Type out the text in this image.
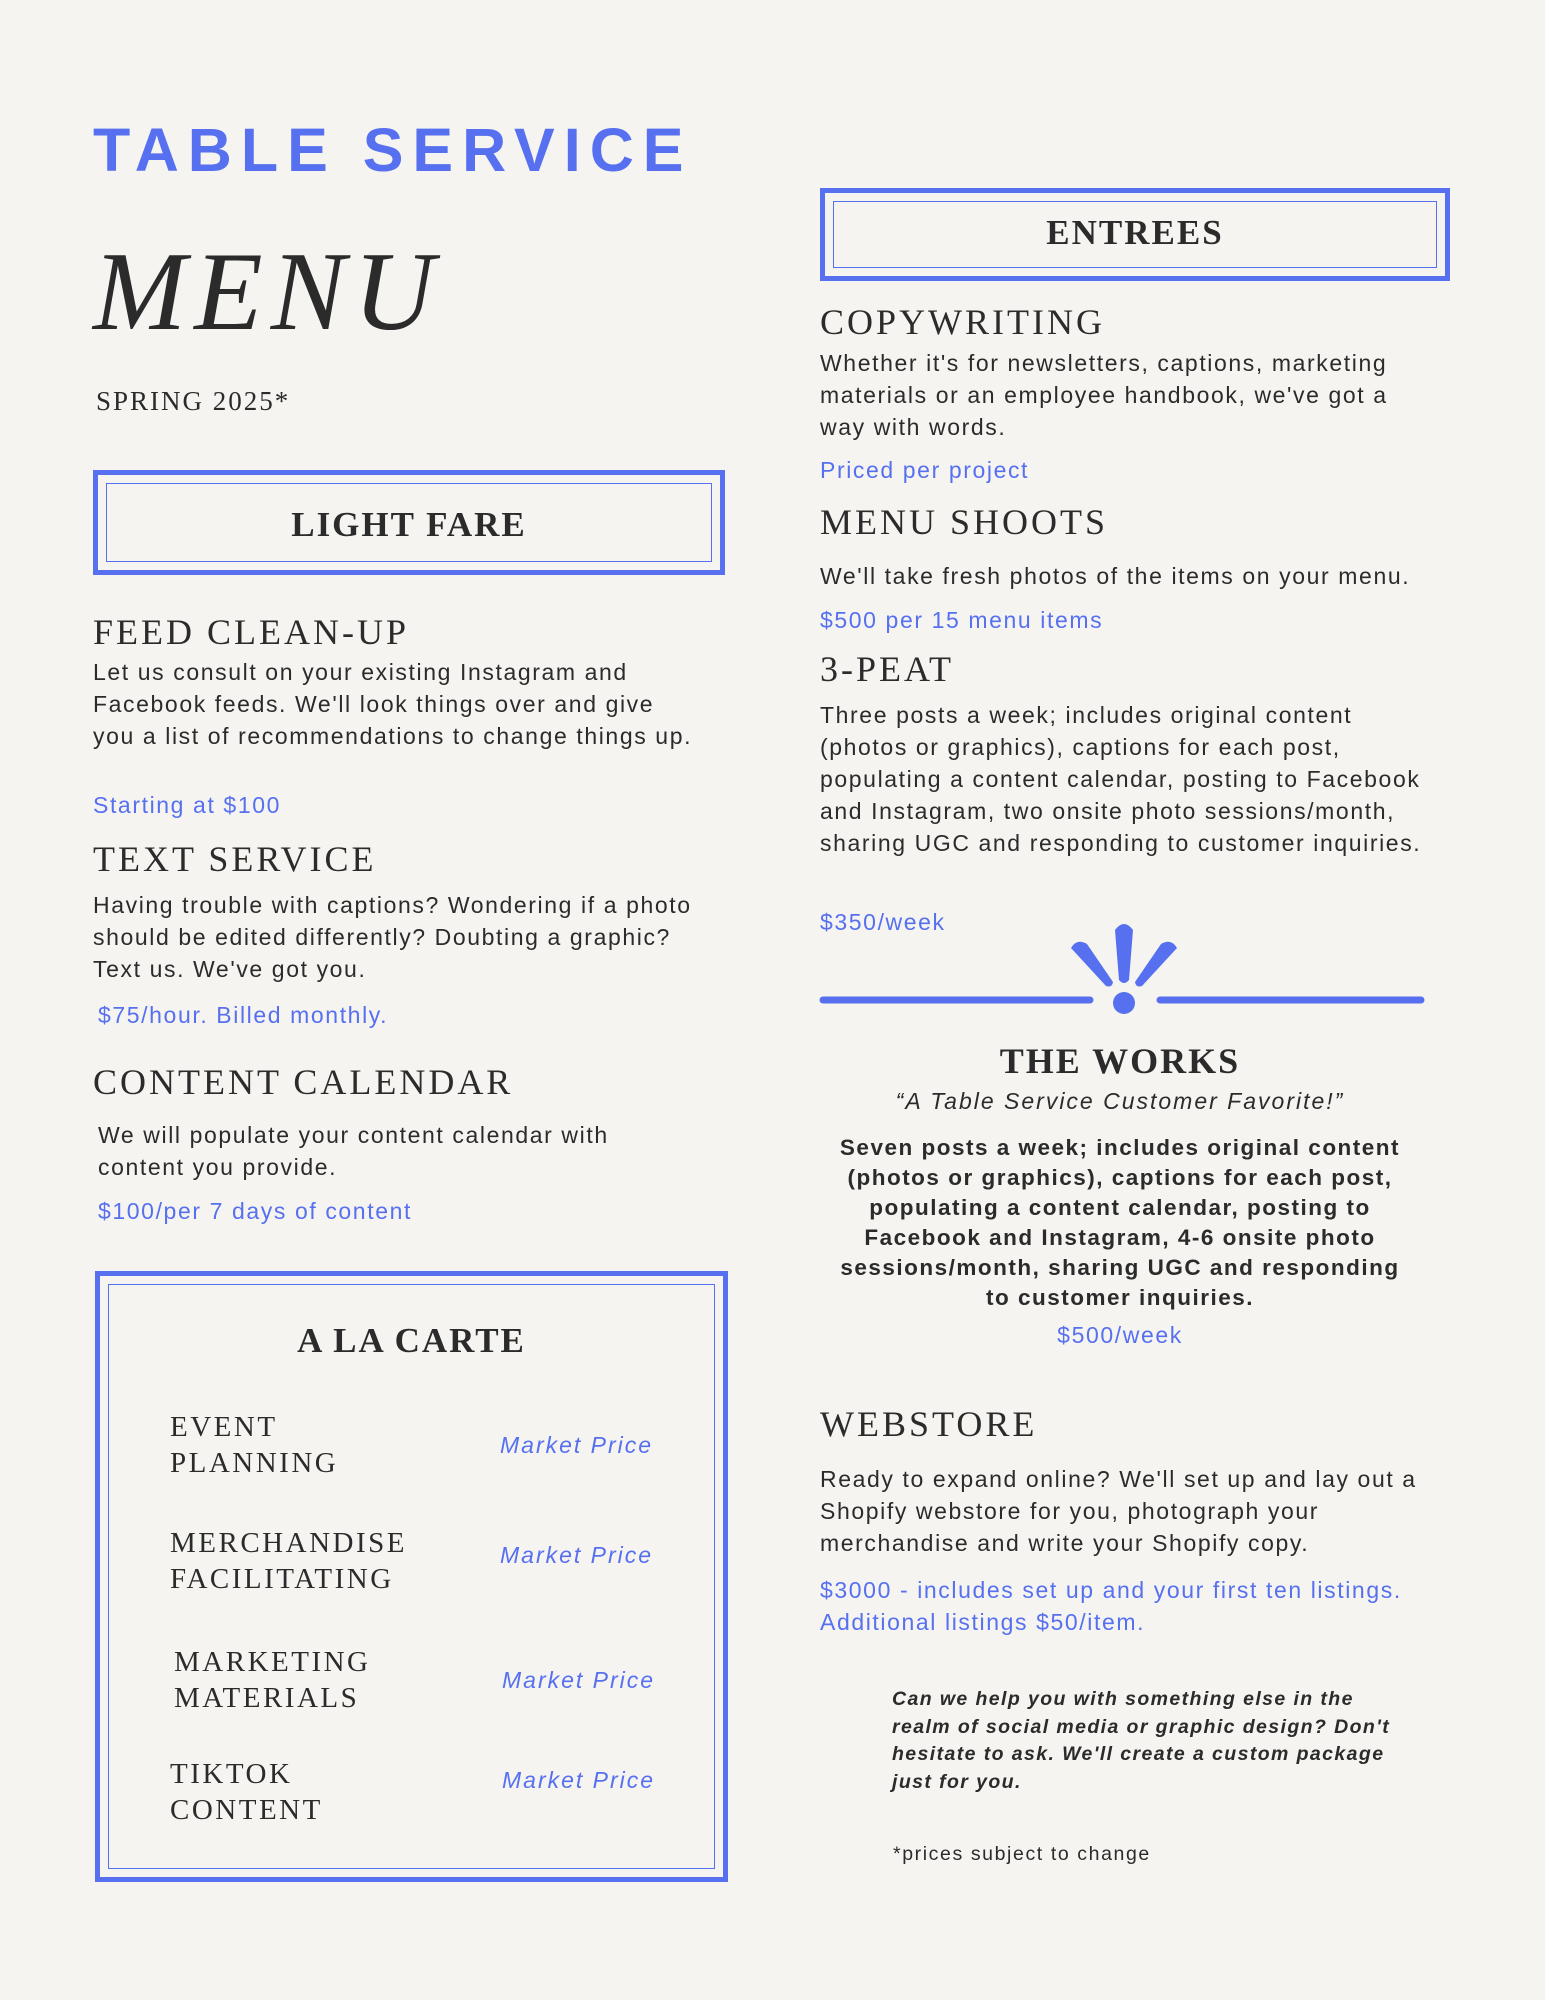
TABLE SERVICE
MENU
SPRING 2025*
LIGHT FARE
FEED CLEAN-UP
Let us consult on your existing Instagram and Facebook feeds. We'll look things over and give you a list of recommendations to change things up.
Starting at $100
TEXT SERVICE
Having trouble with captions? Wondering if a photo should be edited differently? Doubting a graphic? Text us. We've got you.
$75/hour. Billed monthly.
CONTENT CALENDAR
We will populate your content calendar with content you provide.
$100/per 7 days of content
A LA CARTE
EVENT
PLANNING
Market Price
MERCHANDISE
FACILITATING
Market Price
MARKETING
MATERIALS
Market Price
TIKTOK
CONTENT
Market Price
ENTREES
COPYWRITING
Whether it's for newsletters, captions, marketing materials or an employee handbook, we've got a way with words.
Priced per project
MENU SHOOTS
We'll take fresh photos of the items on your menu.
$500 per 15 menu items
3-PEAT
Three posts a week; includes original content (photos or graphics), captions for each post, populating a content calendar, posting to Facebook and Instagram, two onsite photo sessions/month, sharing UGC and responding to customer inquiries.
$350/week
THE WORKS
“A Table Service Customer Favorite!”
Seven posts a week; includes original content (photos or graphics), captions for each post, populating a content calendar, posting to Facebook and Instagram, 4-6 onsite photo sessions/month, sharing UGC and responding to customer inquiries.
$500/week
WEBSTORE
Ready to expand online? We'll set up and lay out a Shopify webstore for you, photograph your merchandise and write your Shopify copy.
$3000 - includes set up and your first ten listings.
Additional listings $50/item.
Can we help you with something else in the realm of social media or graphic design? Don't hesitate to ask. We'll create a custom package just for you.
*prices subject to change
